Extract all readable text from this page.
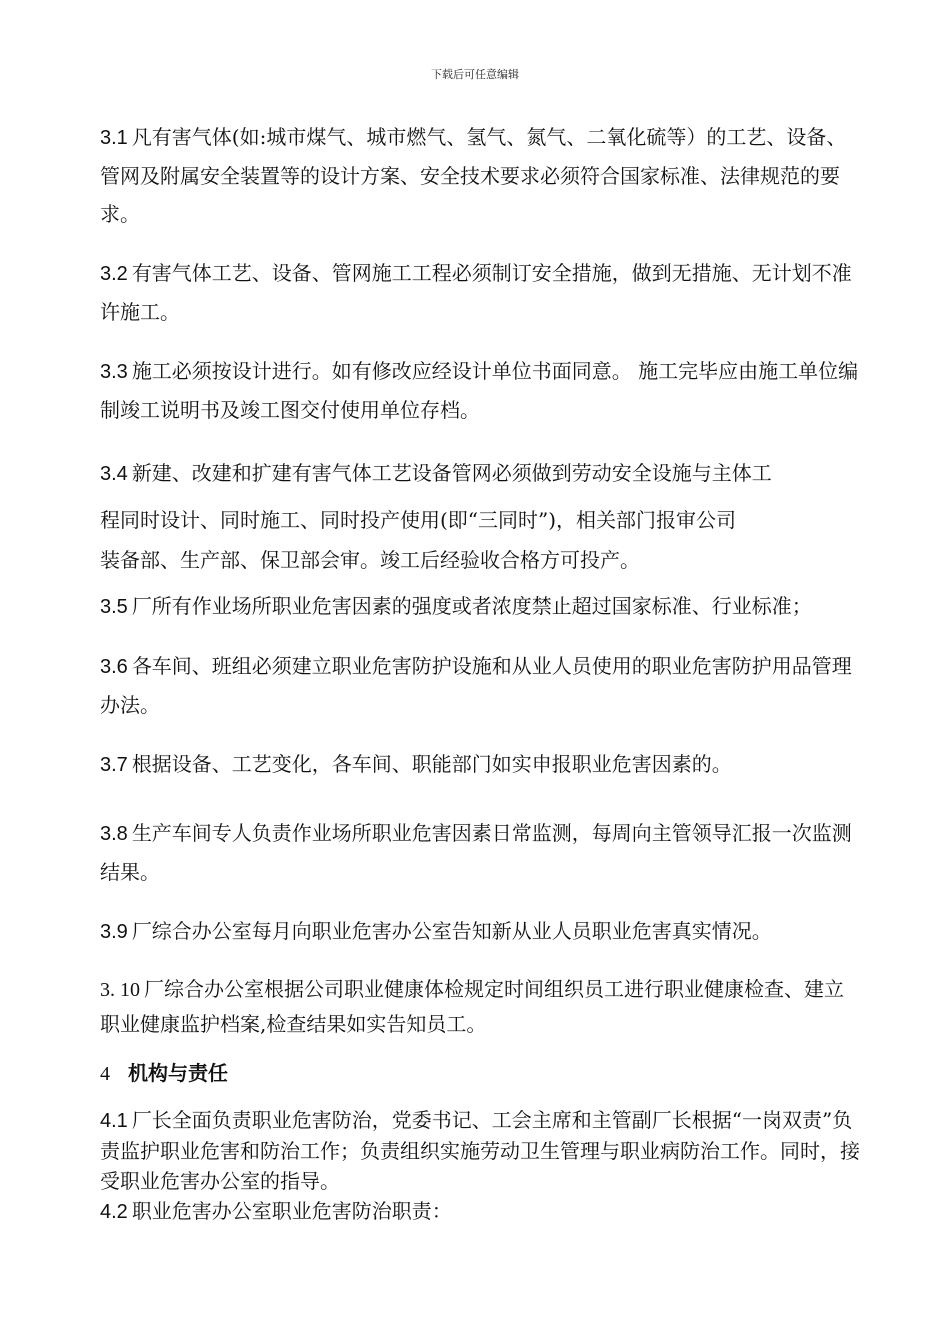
下载后可任意编辑

3.1 凡有害气体(如:城市煤气、城市燃气、氢气、氮气、二氧化硫等）的工艺、设备、管网及附属安全装置等的设计方案、安全技术要求必须符合国家标准、法律规范的要求。

3.2 有害气体工艺、设备、管网施工工程必须制订安全措施，做到无措施、无计划不准许施工。

3.3 施工必须按设计进行。如有修改应经设计单位书面同意。 施工完毕应由施工单位编制竣工说明书及竣工图交付使用单位存档。

3.4 新建、改建和扩建有害气体工艺设备管网必须做到劳动安全设施与主体工
程同时设计、同时施工、同时投产使用(即“三同时”)，相关部门报审公司
装备部、生产部、保卫部会审。竣工后经验收合格方可投产。

3.5 厂所有作业场所职业危害因素的强度或者浓度禁止超过国家标准、行业标准；

3.6 各车间、班组必须建立职业危害防护设施和从业人员使用的职业危害防护用品管理办法。

3.7 根据设备、工艺变化，各车间、职能部门如实申报职业危害因素的。

3.8 生产车间专人负责作业场所职业危害因素日常监测，每周向主管领导汇报一次监测结果。

3.9 厂综合办公室每月向职业危害办公室告知新从业人员职业危害真实情况。

3. 10 厂综合办公室根据公司职业健康体检规定时间组织员工进行职业健康检查、建立职业健康监护档案,检查结果如实告知员工。

4 机构与责任

4.1 厂长全面负责职业危害防治，党委书记、工会主席和主管副厂长根据“一岗双责”负责监护职业危害和防治工作；负责组织实施劳动卫生管理与职业病防治工作。同时，接受职业危害办公室的指导。

4.2 职业危害办公室职业危害防治职责：
